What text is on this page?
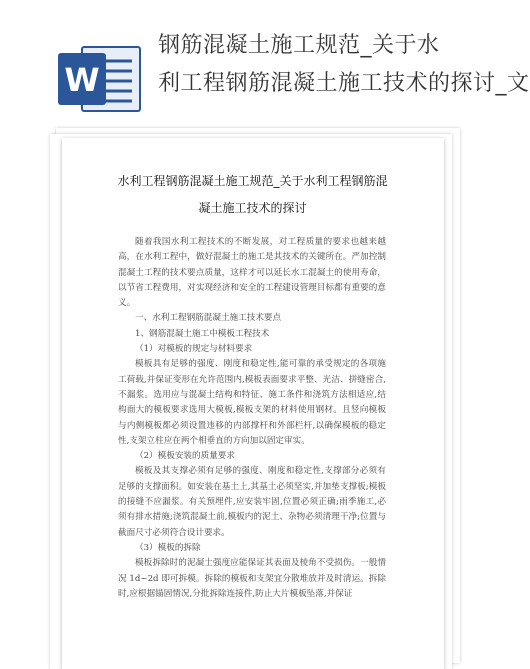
W
钢筋混凝土施工规范_关于水
利工程钢筋混凝土施工技术的探讨_文
水利工程钢筋混凝土施工规范_关于水利工程钢筋混
凝土施工技术的探讨

随着我国水利工程技术的不断发展，对工程质量的要求也越来越高，在水利工程中，做好混凝土的施工是其技术的关键所在。严加控制混凝土工程的技术要点质量，这样才可以延长水工混凝土的使用寿命，以节省工程费用，对实现经济和安全的工程建设管理目标都有重要的意义。

一、水利工程钢筋混凝土施工技术要点

1、钢筋混凝土施工中模板工程技术

（1）对模板的规定与材料要求

模板具有足够的强度、刚度和稳定性,能可靠的承受规定的各项施工荷载,并保证变形在允许范围内,模板表面要求平整、光洁、拼缝密合,不漏浆。选用应与混凝土结构和特征、施工条件和浇筑方法相适应,结构面大的模板要求选用大模板,模板支架的材料使用钢材。且竖向模板与内侧模板都必须设置违移的内部撑杆和外部栏杆,以确保模板的稳定性,支架立柱应在两个相垂直的方向加以固定审实。

（2）模板安装的质量要求

模板及其支撑必须有足够的强度、刚度和稳定性,支撑部分必须有足够的支撑面积。如安装在基土上,其基土必须坚实,并加垫支撑板;模板的接缝不应漏浆。有关预埋件,应安装牢固,位置必须正确;雨季施工,必须有排水措施;浇筑混凝土前,模板内的泥土、杂物必须清理干净;位置与截面尺寸必须符合设计要求。

（3）模板的拆除

模板拆除时的泥凝土强度应能保证其表面及棱角不受损伤。一般情况 1d~2d 即可拆模。拆除的模板和支架宜分散堆放并及时清运。拆除时,应根据锚固情况,分批拆除连接件,防止大片模板坠落,并保证
